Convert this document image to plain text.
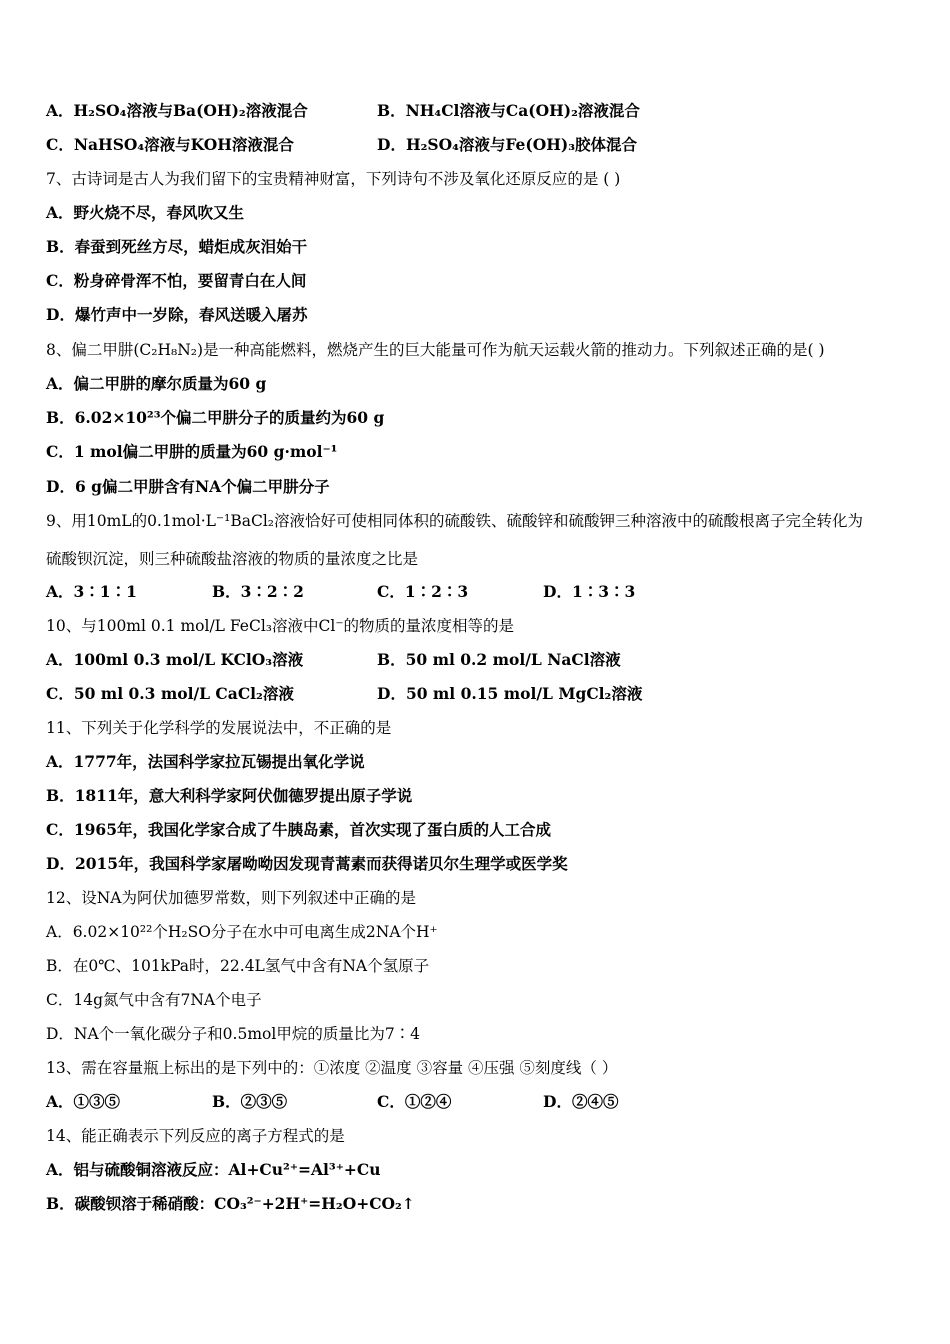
A．H₂SO₄溶液与Ba(OH)₂溶液混合	B．NH₄Cl溶液与Ca(OH)₂溶液混合
C．NaHSO₄溶液与KOH溶液混合	D．H₂SO₄溶液与Fe(OH)₃胶体混合
7、古诗词是古人为我们留下的宝贵精神财富，下列诗句不涉及氧化还原反应的是 ( )
A．野火烧不尽，春风吹又生
B．春蚕到死丝方尽，蜡炬成灰泪始干
C．粉身碎骨浑不怕，要留青白在人间
D．爆竹声中一岁除，春风送暖入屠苏
8、偏二甲肼(C₂H₈N₂)是一种高能燃料，燃烧产生的巨大能量可作为航天运载火箭的推动力。下列叙述正确的是( )
A．偏二甲肼的摩尔质量为60 g
B．6.02×10²³个偏二甲肼分子的质量约为60 g
C．1 mol偏二甲肼的质量为60 g·mol⁻¹
D．6 g偏二甲肼含有NA个偏二甲肼分子
9、用10mL的0.1mol·L⁻¹BaCl₂溶液恰好可使相同体积的硫酸铁、硫酸锌和硫酸钾三种溶液中的硫酸根离子完全转化为
硫酸钡沉淀，则三种硫酸盐溶液的物质的量浓度之比是
A．3∶1∶1	B．3∶2∶2	C．1∶2∶3	D．1∶3∶3
10、与100ml 0.1 mol/L FeCl₃溶液中Cl⁻的物质的量浓度相等的是
A．100ml 0.3 mol/L KClO₃溶液	B．50 ml 0.2 mol/L NaCl溶液
C．50 ml 0.3 mol/L CaCl₂溶液	D．50 ml 0.15 mol/L MgCl₂溶液
11、下列关于化学科学的发展说法中，不正确的是
A．1777年，法国科学家拉瓦锡提出氧化学说
B．1811年，意大利科学家阿伏伽德罗提出原子学说
C．1965年，我国化学家合成了牛胰岛素，首次实现了蛋白质的人工合成
D．2015年，我国科学家屠呦呦因发现青蒿素而获得诺贝尔生理学或医学奖
12、设NA为阿伏加德罗常数，则下列叙述中正确的是
A．6.02×10²²个H₂SO分子在水中可电离生成2NA个H⁺
B．在0℃、101kPa时，22.4L氢气中含有NA个氢原子
C．14g氮气中含有7NA个电子
D．NA个一氧化碳分子和0.5mol甲烷的质量比为7∶4
13、需在容量瓶上标出的是下列中的：①浓度 ②温度 ③容量 ④压强 ⑤刻度线（ ）
A．①③⑤	B．②③⑤	C．①②④	D．②④⑤
14、能正确表示下列反应的离子方程式的是
A．铝与硫酸铜溶液反应：Al+Cu²⁺=Al³⁺+Cu
B．碳酸钡溶于稀硝酸：CO₃²⁻+2H⁺=H₂O+CO₂↑
